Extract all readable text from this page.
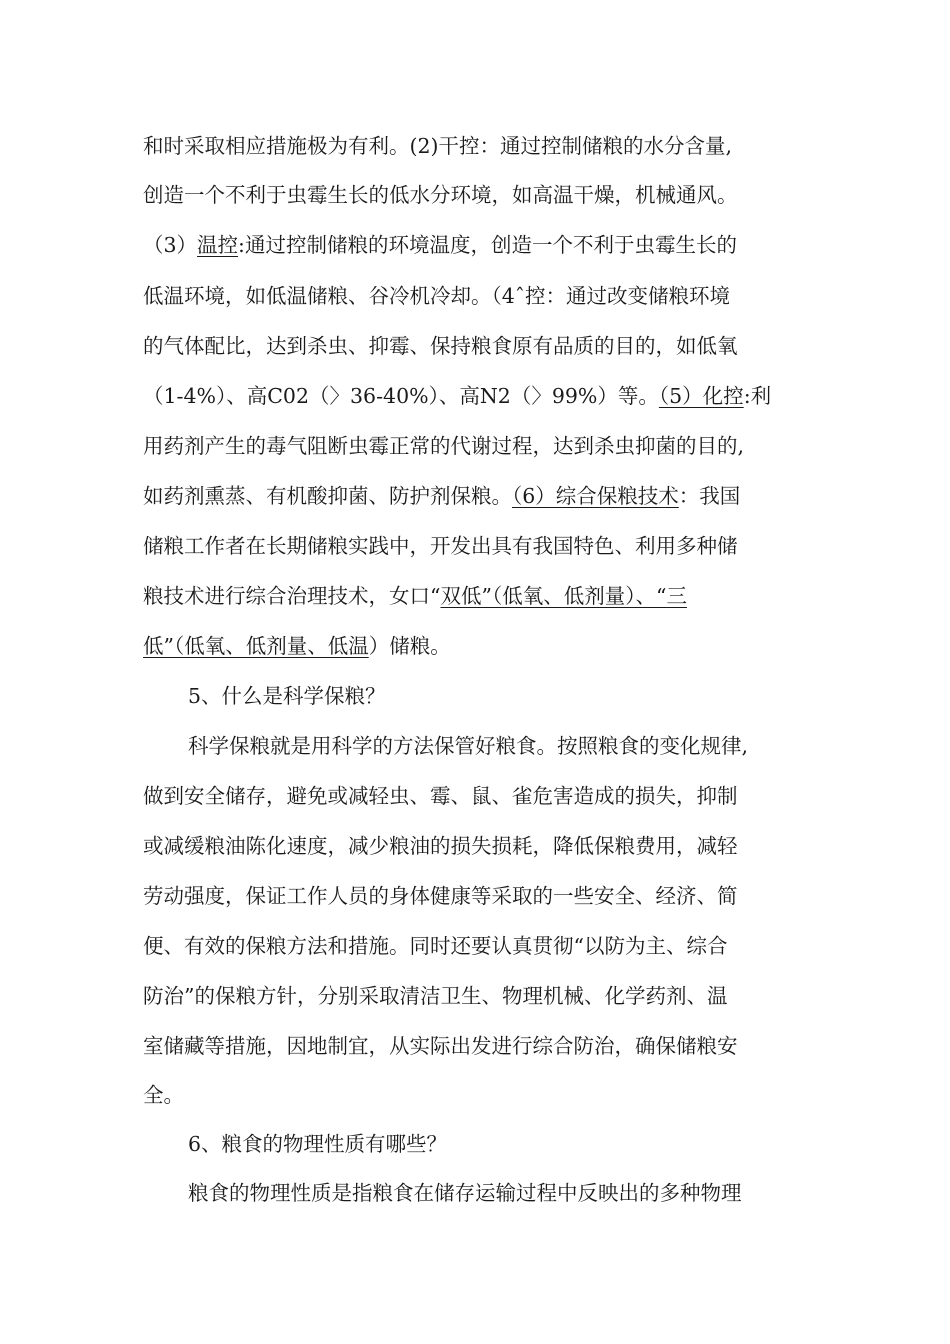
和时采取相应措施极为有利。(2)干控：通过控制储粮的水分含量,
创造一个不利于虫霉生长的低水分环境，如高温干燥，机械通风。
（3）温控:通过控制储粮的环境温度，创造一个不利于虫霉生长的
低温环境，如低温储粮、谷冷机冷却。（4ˆ控：通过改变储粮环境
的气体配比，达到杀虫、抑霉、保持粮食原有品质的目的，如低氧
（1-4%）、高C02（〉36-40%）、高N2（〉99%）等。（5）化控:利
用药剂产生的毒气阻断虫霉正常的代谢过程，达到杀虫抑菌的目的,
如药剂熏蒸、有机酸抑菌、防护剂保粮。（6）综合保粮技术：我国
储粮工作者在长期储粮实践中，开发出具有我国特色、利用多种储
粮技术进行综合治理技术，女口“双低”（低氧、低剂量）、“三
低”（低氧、低剂量、低温）储粮。
5、什么是科学保粮？
科学保粮就是用科学的方法保管好粮食。按照粮食的变化规律,
做到安全储存，避免或减轻虫、霉、鼠、雀危害造成的损失，抑制
或减缓粮油陈化速度，减少粮油的损失损耗，降低保粮费用，减轻
劳动强度，保证工作人员的身体健康等采取的一些安全、经济、简
便、有效的保粮方法和措施。同时还要认真贯彻“以防为主、综合
防治”的保粮方针，分别采取清洁卫生、物理机械、化学药剂、温
室储藏等措施，因地制宜，从实际出发进行综合防治，确保储粮安
全。
6、粮食的物理性质有哪些？
粮食的物理性质是指粮食在储存运输过程中反映出的多种物理
